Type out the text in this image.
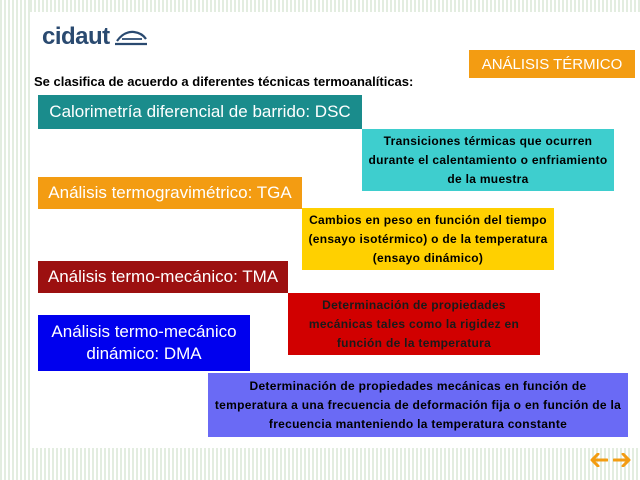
cidaut
ANÁLISIS TÉRMICO
Se clasifica de acuerdo a diferentes técnicas termoanalíticas:
Calorimetría diferencial de barrido: DSC
Transiciones térmicas que ocurren durante el calentamiento o enfriamiento de la muestra
Análisis termogravimétrico: TGA
Cambios en peso en función del tiempo (ensayo isotérmico) o de la temperatura (ensayo dinámico)
Análisis termo-mecánico: TMA
Determinación de propiedades mecánicas tales como la rigidez en función de la temperatura
Análisis termo-mecánico
dinámico: DMA
Determinación de propiedades mecánicas en función de temperatura a una frecuencia de deformación fija o en función de la frecuencia manteniendo la temperatura constante
